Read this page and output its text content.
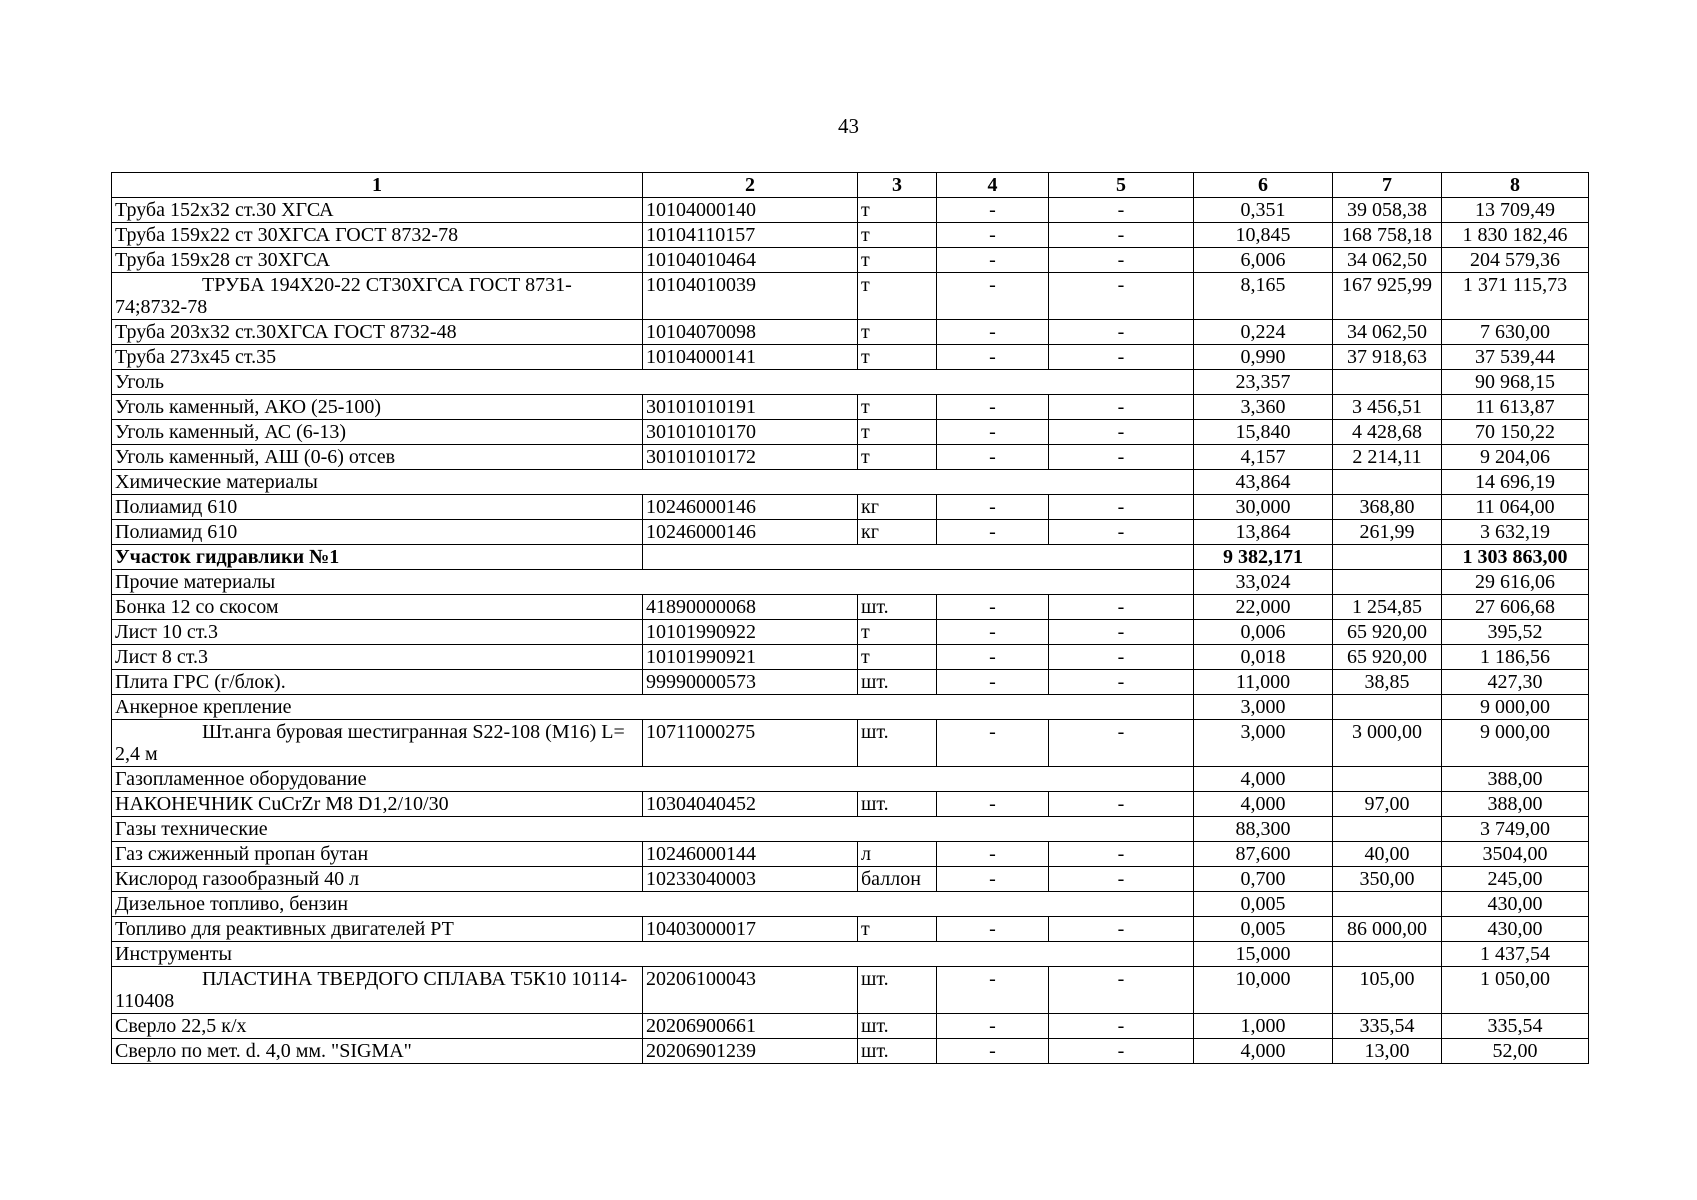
43
1	2	3	4	5	6	7	8
Труба 152х32 ст.30 ХГСА	10104000140	т	-	-	0,351	39 058,38	13 709,49
Труба 159х22 ст 30ХГСА ГОСТ 8732-78	10104110157	т	-	-	10,845	168 758,18	1 830 182,46
Труба 159х28 ст 30ХГСА	10104010464	т	-	-	6,006	34 062,50	204 579,36
ТРУБА 194Х20-22 СТ30ХГСА ГОСТ 8731-74;8732-78	10104010039	т	-	-	8,165	167 925,99	1 371 115,73
Труба 203х32 ст.30ХГСА ГОСТ 8732-48	10104070098	т	-	-	0,224	34 062,50	7 630,00
Труба 273х45 ст.35	10104000141	т	-	-	0,990	37 918,63	37 539,44
Уголь					23,357		90 968,15
Уголь каменный, АКО (25-100)	30101010191	т	-	-	3,360	3 456,51	11 613,87
Уголь каменный, АС (6-13)	30101010170	т	-	-	15,840	4 428,68	70 150,22
Уголь каменный, АШ (0-6) отсев	30101010172	т	-	-	4,157	2 214,11	9 204,06
Химические материалы					43,864		14 696,19
Полиамид 610	10246000146	кг	-	-	30,000	368,80	11 064,00
Полиамид 610	10246000146	кг	-	-	13,864	261,99	3 632,19
Участок гидравлики №1					9 382,171		1 303 863,00
Прочие материалы					33,024		29 616,06
Бонка 12 со скосом	41890000068	шт.	-	-	22,000	1 254,85	27 606,68
Лист 10 ст.3	10101990922	т	-	-	0,006	65 920,00	395,52
Лист 8 ст.3	10101990921	т	-	-	0,018	65 920,00	1 186,56
Плита ГРС (г/блок).	99990000573	шт.	-	-	11,000	38,85	427,30
Анкерное крепление					3,000		9 000,00
Шт.анга буровая шестигранная S22-108 (M16) L= 2,4 м	10711000275	шт.	-	-	3,000	3 000,00	9 000,00
Газопламенное оборудование					4,000		388,00
НАКОНЕЧНИК CuCrZr M8 D1,2/10/30	10304040452	шт.	-	-	4,000	97,00	388,00
Газы технические					88,300		3 749,00
Газ сжиженный пропан бутан	10246000144	л	-	-	87,600	40,00	3504,00
Кислород газообразный 40 л	10233040003	баллон	-	-	0,700	350,00	245,00
Дизельное топливо, бензин					0,005		430,00
Топливо для реактивных двигателей РТ	10403000017	т	-	-	0,005	86 000,00	430,00
Инструменты					15,000		1 437,54
ПЛАСТИНА ТВЕРДОГО СПЛАВА Т5К10 10114-110408	20206100043	шт.	-	-	10,000	105,00	1 050,00
Сверло 22,5 к/х	20206900661	шт.	-	-	1,000	335,54	335,54
Сверло по мет. d. 4,0 мм. "SIGMA"	20206901239	шт.	-	-	4,000	13,00	52,00
